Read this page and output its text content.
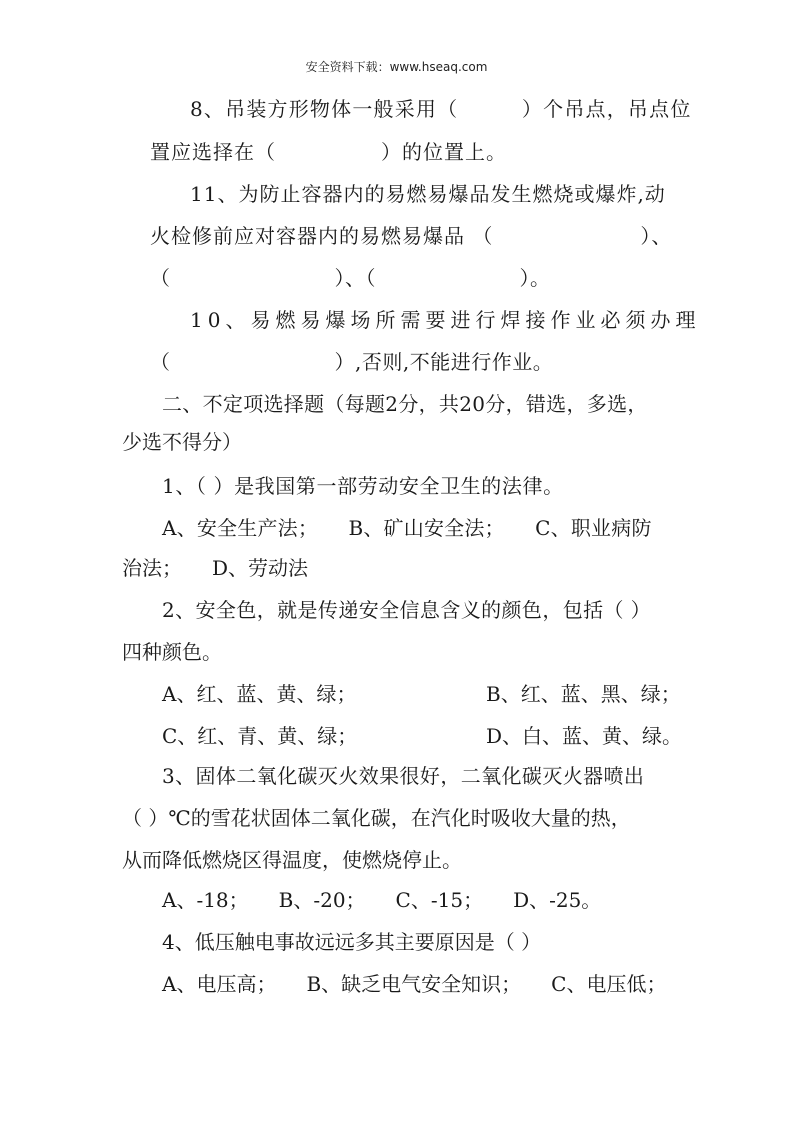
安全资料下载：www.hseaq.com
8、吊装方形物体一般采用（　　　）个吊点，吊点位
置应选择在（　　　　　）的位置上。
11、为防止容器内的易燃易爆品发生燃烧或爆炸,动
火检修前应对容器内的易燃易爆品 （　　　　　　　）、
（　　　　　　　　）、（　　　　　　　）。
10、易燃易爆场所需要进行焊接作业必须办理
（　　　　　　　　）,否则,不能进行作业。
二、不定项选择题（每题2分，共20分，错选，多选，
少选不得分）
1、（ ）是我国第一部劳动安全卫生的法律。
A、安全生产法；　　B、矿山安全法；　　C、职业病防
治法；　　D、劳动法
2、安全色，就是传递安全信息含义的颜色，包括（ ）
四种颜色。
A、红、蓝、黄、绿；	B、红、蓝、黑、绿；
C、红、青、黄、绿；	D、白、蓝、黄、绿。
3、固体二氧化碳灭火效果很好，二氧化碳灭火器喷出
（ ）℃的雪花状固体二氧化碳，在汽化时吸收大量的热，
从而降低燃烧区得温度，使燃烧停止。
A、-18；　　B、-20；　　C、-15；　　D、-25。
4、低压触电事故远远多其主要原因是（ ）
A、电压高；　　B、缺乏电气安全知识；　　C、电压低；
